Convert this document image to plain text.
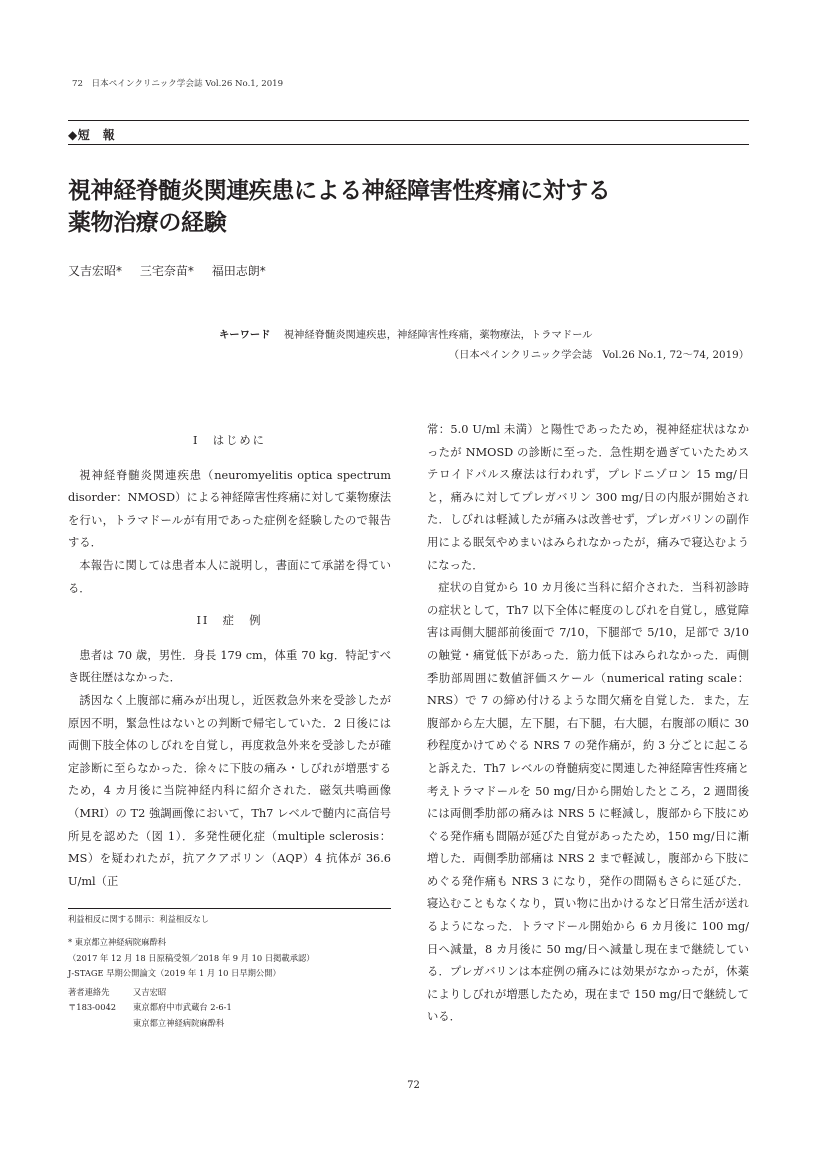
72　日本ペインクリニック学会誌 Vol.26 No.1, 2019
◆短　報
視神経脊髄炎関連疾患による神経障害性疼痛に対する
薬物治療の経験
又吉宏昭* 三宅奈苗* 福田志朗*
キーワード 視神経脊髄炎関連疾患，神経障害性疼痛，薬物療法，トラマドール
（日本ペインクリニック学会誌　Vol.26 No.1, 72～74, 2019）
I　はじめに

視神経脊髄炎関連疾患（neuromyelitis optica spectrum disorder：NMOSD）による神経障害性疼痛に対して薬物療法を行い，トラマドールが有用であった症例を経験したので報告する．

本報告に関しては患者本人に説明し，書面にて承諾を得ている．

II　症　例

患者は 70 歳，男性．身長 179 cm，体重 70 kg．特記すべき既往歴はなかった．

誘因なく上腹部に痛みが出現し，近医救急外来を受診したが原因不明，緊急性はないとの判断で帰宅していた．2 日後には両側下肢全体のしびれを自覚し，再度救急外来を受診したが確定診断に至らなかった．徐々に下肢の痛み・しびれが増悪するため，4 カ月後に当院神経内科に紹介された．磁気共鳴画像（MRI）の T2 強調画像において，Th7 レベルで髄内に高信号所見を認めた（図 1）．多発性硬化症（multiple sclerosis：MS）を疑われたが，抗アクアポリン（AQP）4 抗体が 36.6 U/ml（正

常：5.0 U/ml 未満）と陽性であったため，視神経症状はなかったが NMOSD の診断に至った．急性期を過ぎていたためステロイドパルス療法は行われず，プレドニゾロン 15 mg/日と，痛みに対してプレガバリン 300 mg/日の内服が開始された．しびれは軽減したが痛みは改善せず，プレガバリンの副作用による眠気やめまいはみられなかったが，痛みで寝込むようになった．

症状の自覚から 10 カ月後に当科に紹介された．当科初診時の症状として，Th7 以下全体に軽度のしびれを自覚し，感覚障害は両側大腿部前後面で 7/10，下腿部で 5/10，足部で 3/10 の触覚・痛覚低下があった．筋力低下はみられなかった．両側季肋部周囲に数値評価スケール（numerical rating scale：NRS）で 7 の締め付けるような間欠痛を自覚した．また，左腹部から左大腿，左下腿，右下腿，右大腿，右腹部の順に 30 秒程度かけてめぐる NRS 7 の発作痛が，約 3 分ごとに起こると訴えた．Th7 レベルの脊髄病変に関連した神経障害性疼痛と考えトラマドールを 50 mg/日から開始したところ，2 週間後には両側季肋部の痛みは NRS 5 に軽減し，腹部から下肢にめぐる発作痛も間隔が延びた自覚があったため，150 mg/日に漸増した．両側季肋部痛は NRS 2 まで軽減し，腹部から下肢にめぐる発作痛も NRS 3 になり，発作の間隔もさらに延びた．寝込むこともなくなり，買い物に出かけるなど日常生活が送れるようになった．トラマドール開始から 6 カ月後に 100 mg/日へ減量，8 カ月後に 50 mg/日へ減量し現在まで継続している．プレガバリンは本症例の痛みには効果がなかったが，休薬によりしびれが増悪したため，現在まで 150 mg/日で継続している．

利益相反に関する開示：利益相反なし
* 東京都立神経病院麻酔科
（2017 年 12 月 18 日原稿受領／2018 年 9 月 10 日掲載承認）
J-STAGE 早期公開論文（2019 年 1 月 10 日早期公開）
著者連絡先	又吉宏昭
〒183-0042	東京都府中市武蔵台 2-6-1
東京都立神経病院麻酔科
72
